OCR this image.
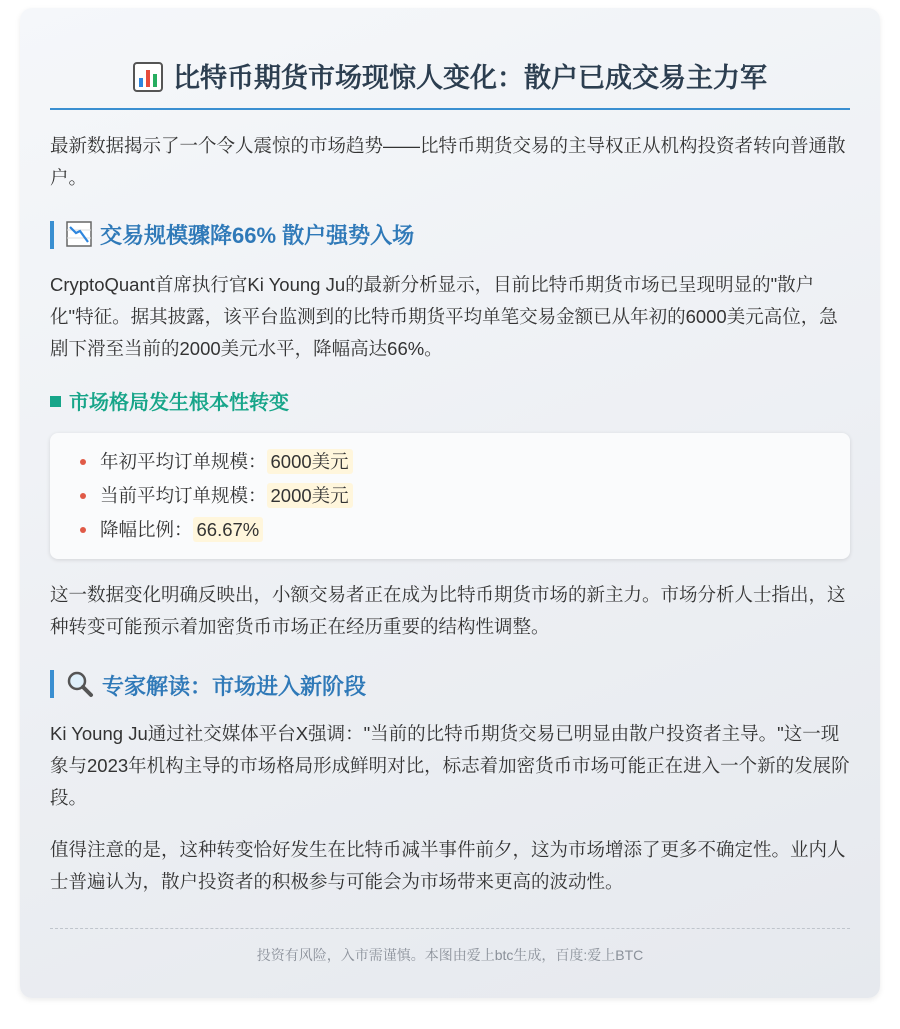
比特币期货市场现惊人变化：散户已成交易主力军

最新数据揭示了一个令人震惊的市场趋势——比特币期货交易的主导权正从机构投资者转向普通散户。

交易规模骤降66% 散户强势入场

CryptoQuant首席执行官Ki Young Ju的最新分析显示，目前比特币期货市场已呈现明显的"散户化"特征。据其披露，该平台监测到的比特币期货平均单笔交易金额已从年初的6000美元高位，急剧下滑至当前的2000美元水平，降幅高达66%。

市场格局发生根本性转变
年初平均订单规模： 6000美元
当前平均订单规模： 2000美元
降幅比例： 66.67%

这一数据变化明确反映出，小额交易者正在成为比特币期货市场的新主力。市场分析人士指出，这种转变可能预示着加密货币市场正在经历重要的结构性调整。

专家解读：市场进入新阶段

Ki Young Ju通过社交媒体平台X强调："当前的比特币期货交易已明显由散户投资者主导。"这一现象与2023年机构主导的市场格局形成鲜明对比，标志着加密货币市场可能正在进入一个新的发展阶段。

值得注意的是，这种转变恰好发生在比特币减半事件前夕，这为市场增添了更多不确定性。业内人士普遍认为，散户投资者的积极参与可能会为市场带来更高的波动性。

投资有风险，入市需谨慎。本图由爱上btc生成，百度:爱上BTC
